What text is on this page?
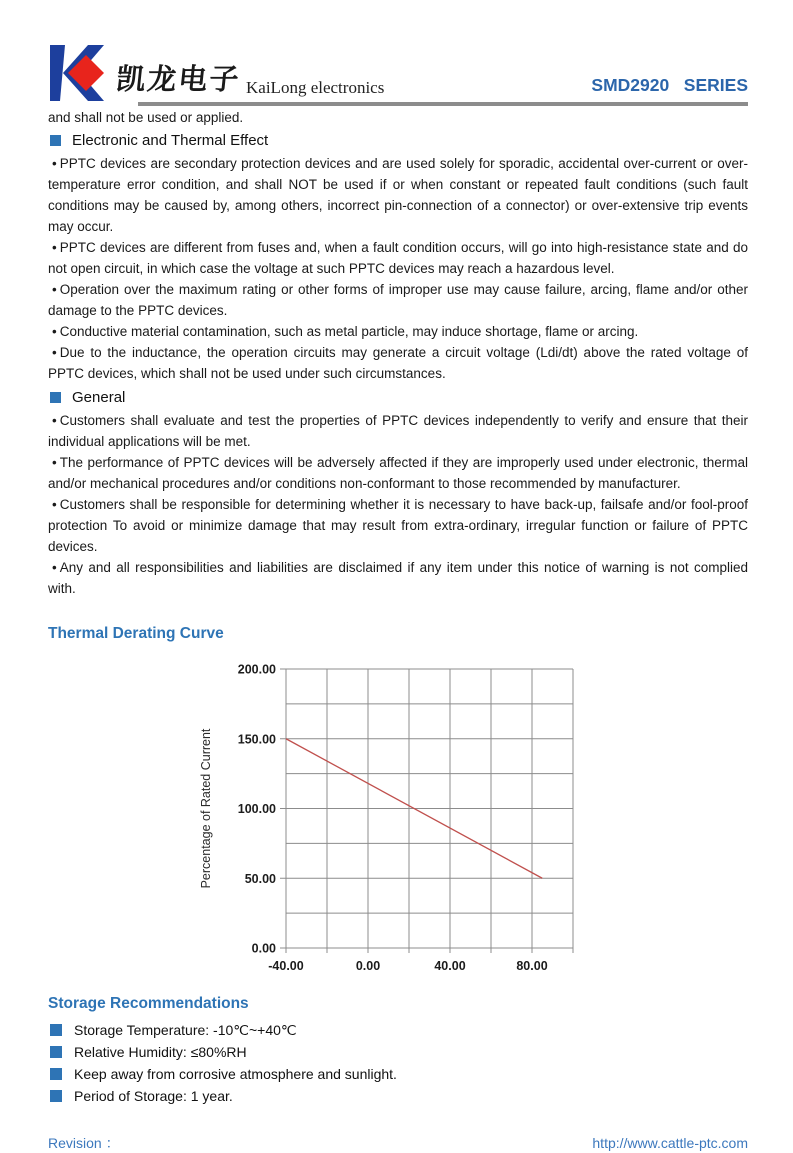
凯龙电子 KaiLong electronics	SMD2920   SERIES
and shall not be used or applied.
Electronic and Thermal Effect

• PPTC devices are secondary protection devices and are used solely for sporadic, accidental over-current or over-temperature error condition, and shall NOT be used if or when constant or repeated fault conditions (such fault conditions may be caused by, among others, incorrect pin-connection of a connector) or over-extensive trip events may occur.

• PPTC devices are different from fuses and, when a fault condition occurs, will go into high-resistance state and do not open circuit, in which case the voltage at such PPTC devices may reach a hazardous level.

• Operation over the maximum rating or other forms of improper use may cause failure, arcing, flame and/or other damage to the PPTC devices.

• Conductive material contamination, such as metal particle, may induce shortage, flame or arcing.

• Due to the inductance, the operation circuits may generate a circuit voltage (Ldi/dt) above the rated voltage of PPTC devices, which shall not be used under such circumstances.

General

• Customers shall evaluate and test the properties of PPTC devices independently to verify and ensure that their individual applications will be met.

• The performance of PPTC devices will be adversely affected if they are improperly used under electronic, thermal and/or mechanical procedures and/or conditions non-conformant to those recommended by manufacturer.

• Customers shall be responsible for determining whether it is necessary to have back-up, failsafe and/or fool-proof protection To avoid or minimize damage that may result from extra-ordinary, irregular function or failure of PPTC devices.

• Any and all responsibilities and liabilities are disclaimed if any item under this notice of warning is not complied with.

Thermal Derating Curve
-40.00	0.00	40.00	80.00
0.00
50.00
100.00
150.00
200.00
Percentage of Rated Current
Storage Recommendations
Storage Temperature: -10℃~+40℃
Relative Humidity: ≤80%RH
Keep away from corrosive atmosphere and sunlight.
Period of Storage: 1 year.
Revision ：	http://www.cattle-ptc.com
